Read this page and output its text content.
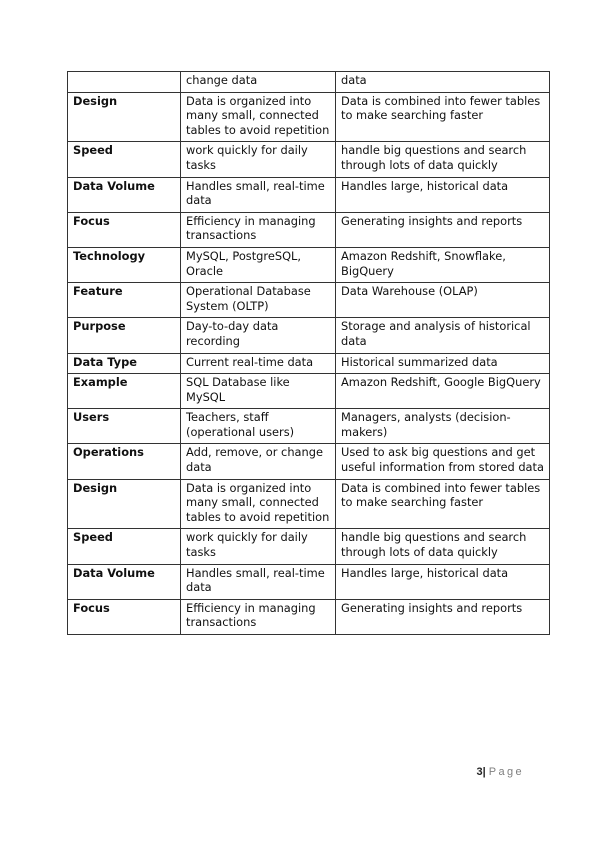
	change data	data
Design	Data is organized into many small, connected tables to avoid repetition	Data is combined into fewer tables to make searching faster
Speed	work quickly for daily tasks	handle big questions and search through lots of data quickly
Data Volume	Handles small, real-time data	Handles large, historical data
Focus	Efficiency in managing transactions	Generating insights and reports
Technology	MySQL, PostgreSQL, Oracle	Amazon Redshift, Snowflake, BigQuery
Feature	Operational Database System (OLTP)	Data Warehouse (OLAP)
Purpose	Day-to-day data recording	Storage and analysis of historical data
Data Type	Current real-time data	Historical summarized data
Example	SQL Database like MySQL	Amazon Redshift, Google BigQuery
Users	Teachers, staff (operational users)	Managers, analysts (decision-makers)
Operations	Add, remove, or change data	Used to ask big questions and get useful information from stored data
Design	Data is organized into many small, connected tables to avoid repetition	Data is combined into fewer tables to make searching faster
Speed	work quickly for daily tasks	handle big questions and search through lots of data quickly
Data Volume	Handles small, real-time data	Handles large, historical data
Focus	Efficiency in managing transactions	Generating insights and reports
3| Page
